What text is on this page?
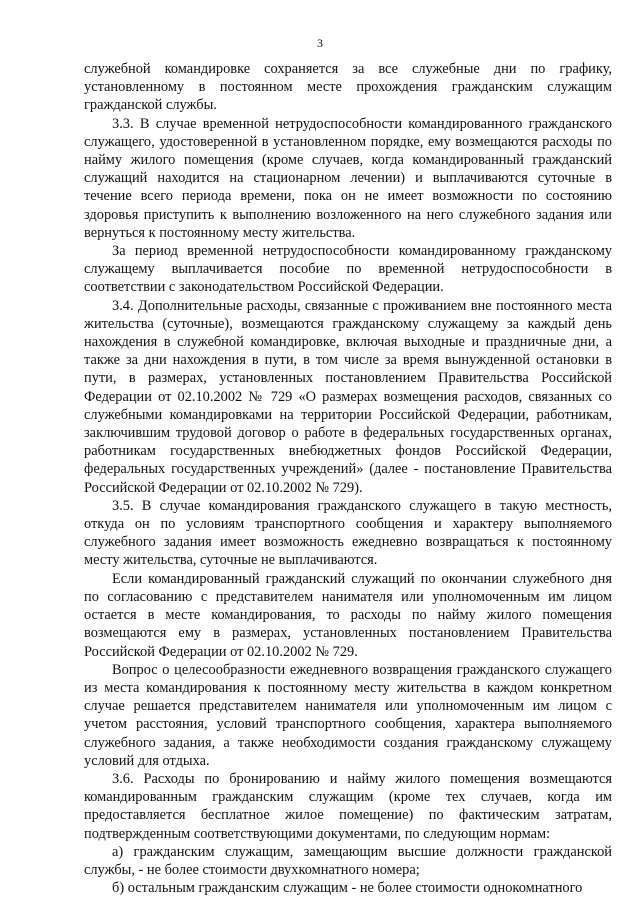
3

служебной командировке сохраняется за все служебные дни по графику, установленному в постоянном месте прохождения гражданским служащим гражданской службы.

3.3. В случае временной нетрудоспособности командированного гражданского служащего, удостоверенной в установленном порядке, ему возмещаются расходы по найму жилого помещения (кроме случаев, когда командированный гражданский служащий находится на стационарном лечении) и выплачиваются суточные в течение всего периода времени, пока он не имеет возможности по состоянию здоровья приступить к выполнению возложенного на него служебного задания или вернуться к постоянному месту жительства.

За период временной нетрудоспособности командированному гражданскому служащему выплачивается пособие по временной нетрудоспособности в соответствии с законодательством Российской Федерации.

3.4. Дополнительные расходы, связанные с проживанием вне постоянного места жительства (суточные), возмещаются гражданскому служащему за каждый день нахождения в служебной командировке, включая выходные и праздничные дни, а также за дни нахождения в пути, в том числе за время вынужденной остановки в пути, в размерах, установленных постановлением Правительства Российской Федерации от 02.10.2002 № 729 «О размерах возмещения расходов, связанных со служебными командировками на территории Российской Федерации, работникам, заключившим трудовой договор о работе в федеральных государственных органах, работникам государственных внебюджетных фондов Российской Федерации, федеральных государственных учреждений» (далее - постановление Правительства Российской Федерации от 02.10.2002 № 729).

3.5. В случае командирования гражданского служащего в такую местность, откуда он по условиям транспортного сообщения и характеру выполняемого служебного задания имеет возможность ежедневно возвращаться к постоянному месту жительства, суточные не выплачиваются.

Если командированный гражданский служащий по окончании служебного дня по согласованию с представителем нанимателя или уполномоченным им лицом остается в месте командирования, то расходы по найму жилого помещения возмещаются ему в размерах, установленных постановлением Правительства Российской Федерации от 02.10.2002 № 729.

Вопрос о целесообразности ежедневного возвращения гражданского служащего из места командирования к постоянному месту жительства в каждом конкретном случае решается представителем нанимателя или уполномоченным им лицом с учетом расстояния, условий транспортного сообщения, характера выполняемого служебного задания, а также необходимости создания гражданскому служащему условий для отдыха.

3.6. Расходы по бронированию и найму жилого помещения возмещаются командированным гражданским служащим (кроме тех случаев, когда им предоставляется бесплатное жилое помещение) по фактическим затратам, подтвержденным соответствующими документами, по следующим нормам:

а) гражданским служащим, замещающим высшие должности гражданской службы, - не более стоимости двухкомнатного номера;

б) остальным гражданским служащим - не более стоимости однокомнатного
